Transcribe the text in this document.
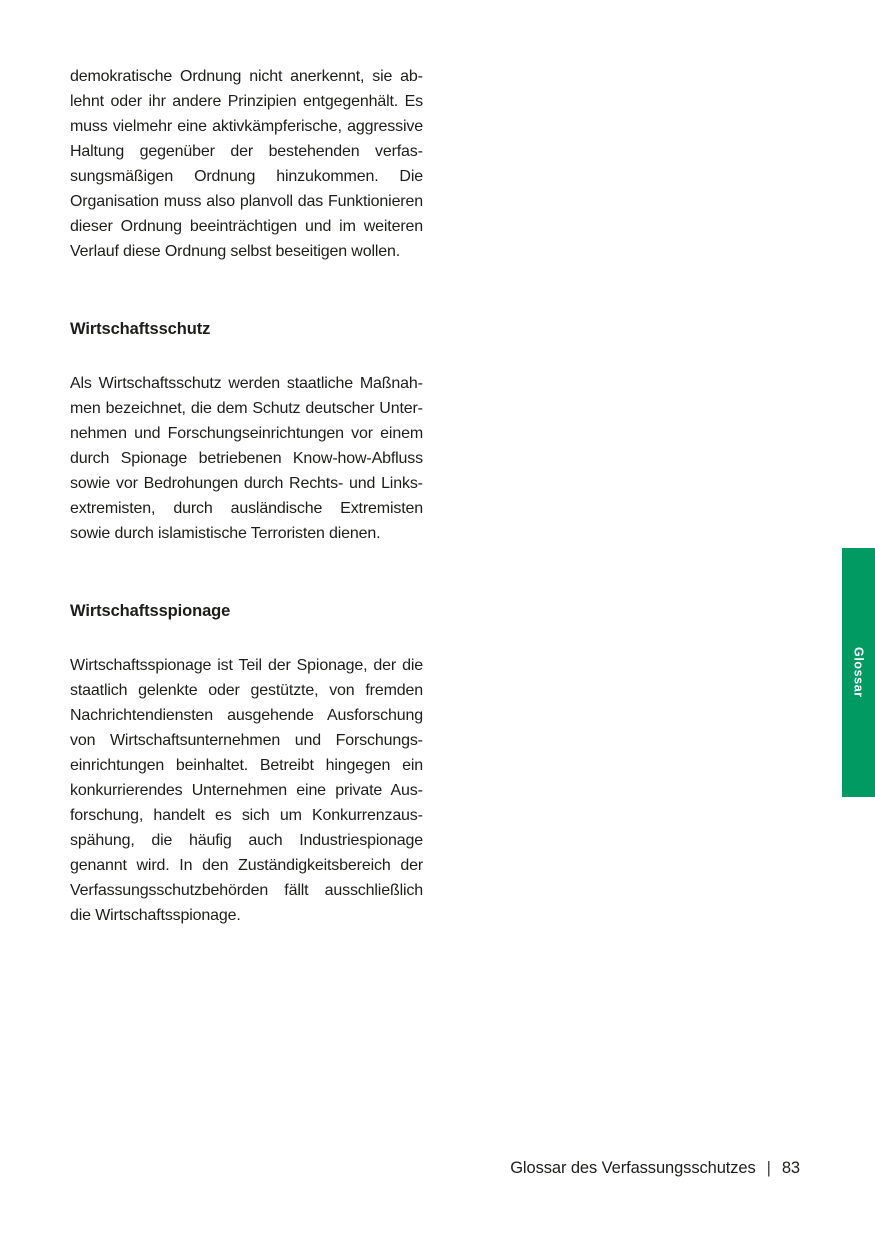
demokratische Ordnung nicht anerkennt, sie ablehnt oder ihr andere Prinzipien entgegenhält. Es muss vielmehr eine aktivkämpferische, aggressive Haltung gegenüber der bestehenden verfassungsmäßigen Ordnung hinzukommen. Die Organisation muss also planvoll das Funktionieren dieser Ordnung beeinträchtigen und im weiteren Verlauf diese Ordnung selbst beseitigen wollen.

Wirtschaftsschutz

Als Wirtschaftsschutz werden staatliche Maßnahmen bezeichnet, die dem Schutz deutscher Unternehmen und Forschungseinrichtungen vor einem durch Spionage betriebenen Know-how-Abfluss sowie vor Bedrohungen durch Rechts- und Linksextremisten, durch ausländische Extremisten sowie durch islamistische Terroristen dienen.

Wirtschaftsspionage

Wirtschaftsspionage ist Teil der Spionage, der die staatlich gelenkte oder gestützte, von fremden Nachrichtendiensten ausgehende Ausforschung von Wirtschaftsunternehmen und Forschungseinrichtungen beinhaltet. Betreibt hingegen ein konkurrierendes Unternehmen eine private Ausforschung, handelt es sich um Konkurrenzausspähung, die häufig auch Industriespionage genannt wird. In den Zuständigkeitsbereich der Verfassungsschutzbehörden fällt ausschließlich die Wirtschaftsspionage.

Glossar
Glossar des Verfassungsschutzes | 83
